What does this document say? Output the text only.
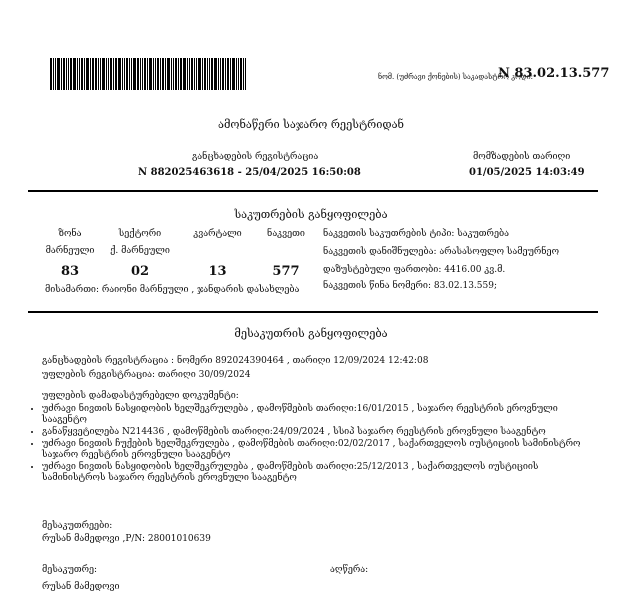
ნომ. (უძრავი ქონების) საკადასტრო კოდი:
N 83.02.13.577
ამონაწერი საჯარო რეესტრიდან
განცხადების რეგისტრაცია
N 882025463618 - 25/04/2025 16:50:08
მომზადების თარიღი
01/05/2025 14:03:49
საკუთრების განყოფილება
ზონა	სექტორი	კვარტალი	ნაკვეთი
მარნეული	ქ. მარნეული
83	02	13	577
მისამართი: რაიონი მარნეული , ჯანდარის დასახლება
ნაკვეთის საკუთრების ტიპი: საკუთრება
ნაკვეთის დანიშნულება: არასასოფლო სამეურნეო
დაზუსტებული ფართობი: 4416.00 კვ.მ.
ნაკვეთის წინა ნომერი: 83.02.13.559;
მესაკუთრის განყოფილება
განცხადების რეგისტრაცია : ნომერი 892024390464 , თარიღი 12/09/2024 12:42:08
უფლების რეგისტრაცია: თარიღი 30/09/2024
უფლების დამადასტურებელი დოკუმენტი:
• უძრავი ნივთის ნასყიდობის ხელშეკრულება , დამოწმების თარიღი:16/01/2015 , საჯარო რეესტრის ეროვნული სააგენტო
• განაწყვეტილება N214436 , დამოწმების თარიღი:24/09/2024 , სსიპ საჯარო რეესტრის ეროვნული სააგენტო
• უძრავი ნივთის ჩუქების ხელშეკრულება , დამოწმების თარიღი:02/02/2017 , საქართველოს იუსტიციის სამინისტრო საჯარო რეესტრის ეროვნული სააგენტო
• უძრავი ნივთის ნასყიდობის ხელშეკრულება , დამოწმების თარიღი:25/12/2013 , საქართველოს იუსტიციის სამინისტროს საჯარო რეესტრის ეროვნული სააგენტო
მესაკუთრეები:
რუსან მამედოვი ,P/N: 28001010639
მესაკუთრე:
რუსან მამედოვი
აღწერა:
